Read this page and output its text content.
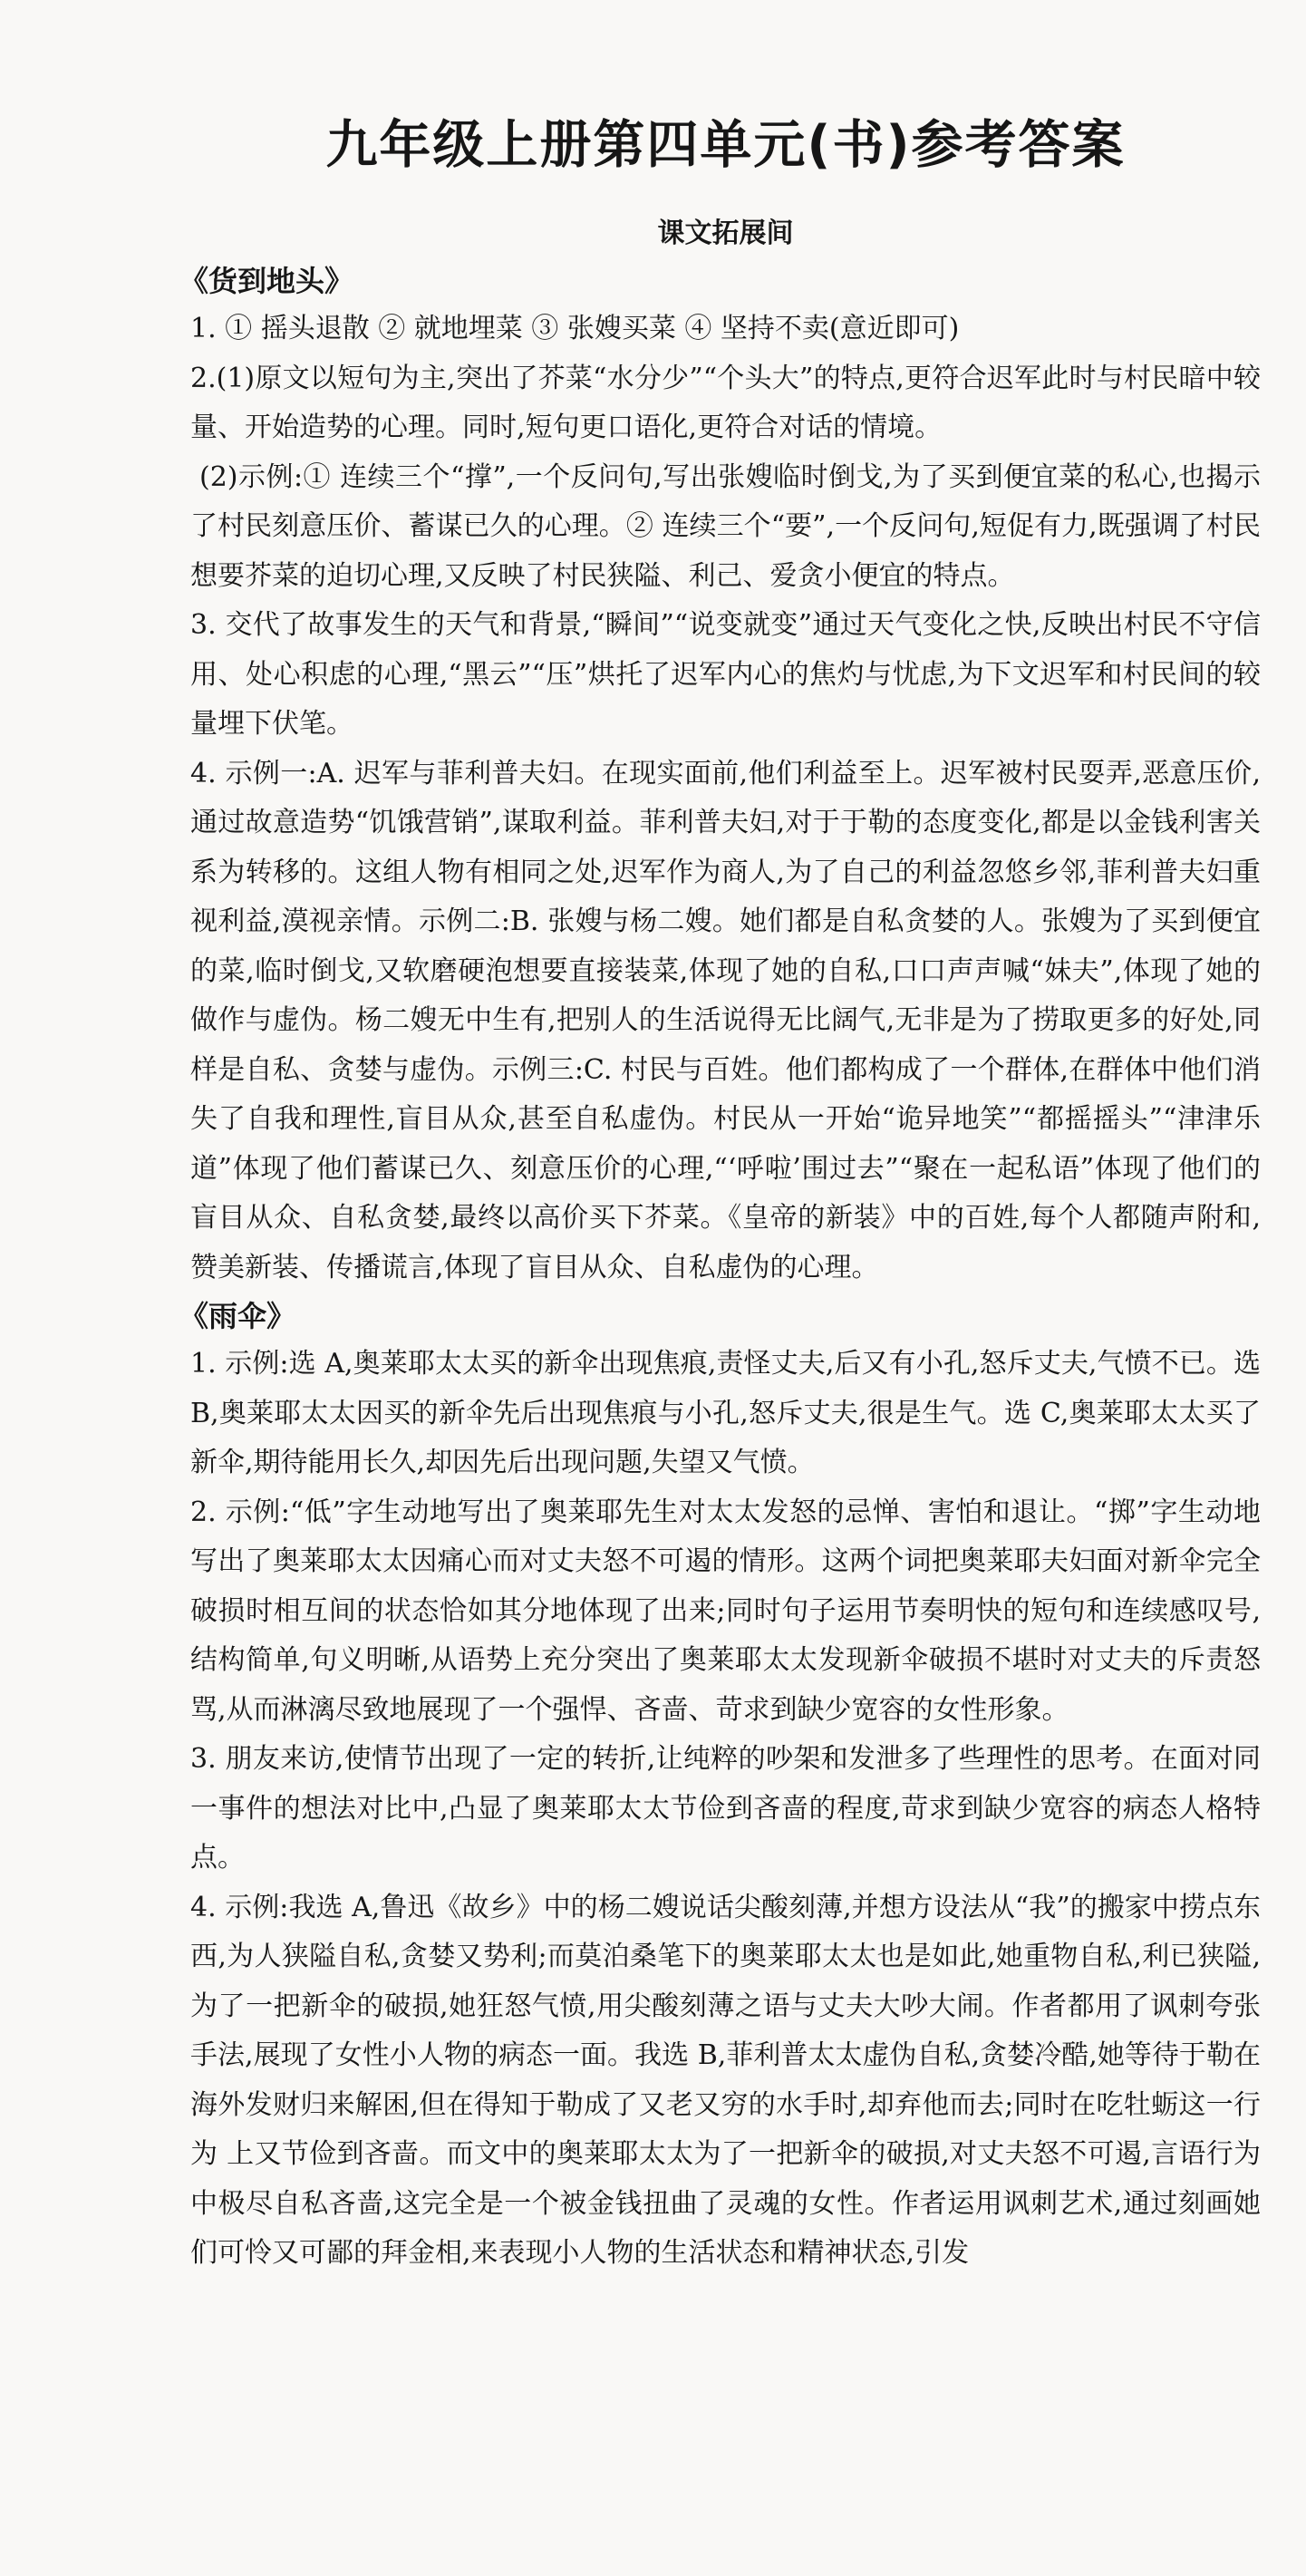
九年级上册第四单元(书)参考答案
课文拓展间
《货到地头》

1. ① 摇头退散 ② 就地埋菜 ③ 张嫂买菜 ④ 坚持不卖(意近即可)

2.(1)原文以短句为主,突出了芥菜“水分少”“个头大”的特点,更符合迟军此时与村民暗中较量、开始造势的心理。同时,短句更口语化,更符合对话的情境。

(2)示例:① 连续三个“撑”,一个反问句,写出张嫂临时倒戈,为了买到便宜菜的私心,也揭示了村民刻意压价、蓄谋已久的心理。② 连续三个“要”,一个反问句,短促有力,既强调了村民想要芥菜的迫切心理,又反映了村民狭隘、利己、爱贪小便宜的特点。

3. 交代了故事发生的天气和背景,“瞬间”“说变就变”通过天气变化之快,反映出村民不守信用、处心积虑的心理,“黑云”“压”烘托了迟军内心的焦灼与忧虑,为下文迟军和村民间的较量埋下伏笔。

4. 示例一:A. 迟军与菲利普夫妇。在现实面前,他们利益至上。迟军被村民耍弄,恶意压价,通过故意造势“饥饿营销”,谋取利益。菲利普夫妇,对于于勒的态度变化,都是以金钱利害关系为转移的。这组人物有相同之处,迟军作为商人,为了自己的利益忽悠乡邻,菲利普夫妇重视利益,漠视亲情。示例二:B. 张嫂与杨二嫂。她们都是自私贪婪的人。张嫂为了买到便宜的菜,临时倒戈,又软磨硬泡想要直接装菜,体现了她的自私,口口声声喊“妹夫”,体现了她的做作与虚伪。杨二嫂无中生有,把别人的生活说得无比阔气,无非是为了捞取更多的好处,同样是自私、贪婪与虚伪。示例三:C. 村民与百姓。他们都构成了一个群体,在群体中他们消失了自我和理性,盲目从众,甚至自私虚伪。村民从一开始“诡异地笑”“都摇摇头”“津津乐道”体现了他们蓄谋已久、刻意压价的心理,“‘呼啦’围过去”“聚在一起私语”体现了他们的盲目从众、自私贪婪,最终以高价买下芥菜。《皇帝的新装》中的百姓,每个人都随声附和,赞美新装、传播谎言,体现了盲目从众、自私虚伪的心理。

《雨伞》

1. 示例:选 A,奥莱耶太太买的新伞出现焦痕,责怪丈夫,后又有小孔,怒斥丈夫,气愤不已。选 B,奥莱耶太太因买的新伞先后出现焦痕与小孔,怒斥丈夫,很是生气。选 C,奥莱耶太太买了新伞,期待能用长久,却因先后出现问题,失望又气愤。

2. 示例:“低”字生动地写出了奥莱耶先生对太太发怒的忌惮、害怕和退让。“掷”字生动地写出了奥莱耶太太因痛心而对丈夫怒不可遏的情形。这两个词把奥莱耶夫妇面对新伞完全破损时相互间的状态恰如其分地体现了出来;同时句子运用节奏明快的短句和连续感叹号,结构简单,句义明晰,从语势上充分突出了奥莱耶太太发现新伞破损不堪时对丈夫的斥责怒骂,从而淋漓尽致地展现了一个强悍、吝啬、苛求到缺少宽容的女性形象。

3. 朋友来访,使情节出现了一定的转折,让纯粹的吵架和发泄多了些理性的思考。在面对同一事件的想法对比中,凸显了奥莱耶太太节俭到吝啬的程度,苛求到缺少宽容的病态人格特点。

4. 示例:我选 A,鲁迅《故乡》中的杨二嫂说话尖酸刻薄,并想方设法从“我”的搬家中捞点东西,为人狭隘自私,贪婪又势利;而莫泊桑笔下的奥莱耶太太也是如此,她重物自私,利已狭隘,为了一把新伞的破损,她狂怒气愤,用尖酸刻薄之语与丈夫大吵大闹。作者都用了讽刺夸张手法,展现了女性小人物的病态一面。我选 B,菲利普太太虚伪自私,贪婪冷酷,她等待于勒在海外发财归来解困,但在得知于勒成了又老又穷的水手时,却弃他而去;同时在吃牡蛎这一行为 上又节俭到吝啬。而文中的奥莱耶太太为了一把新伞的破损,对丈夫怒不可遏,言语行为中极尽自私吝啬,这完全是一个被金钱扭曲了灵魂的女性。作者运用讽刺艺术,通过刻画她们可怜又可鄙的拜金相,来表现小人物的生活状态和精神状态,引发
